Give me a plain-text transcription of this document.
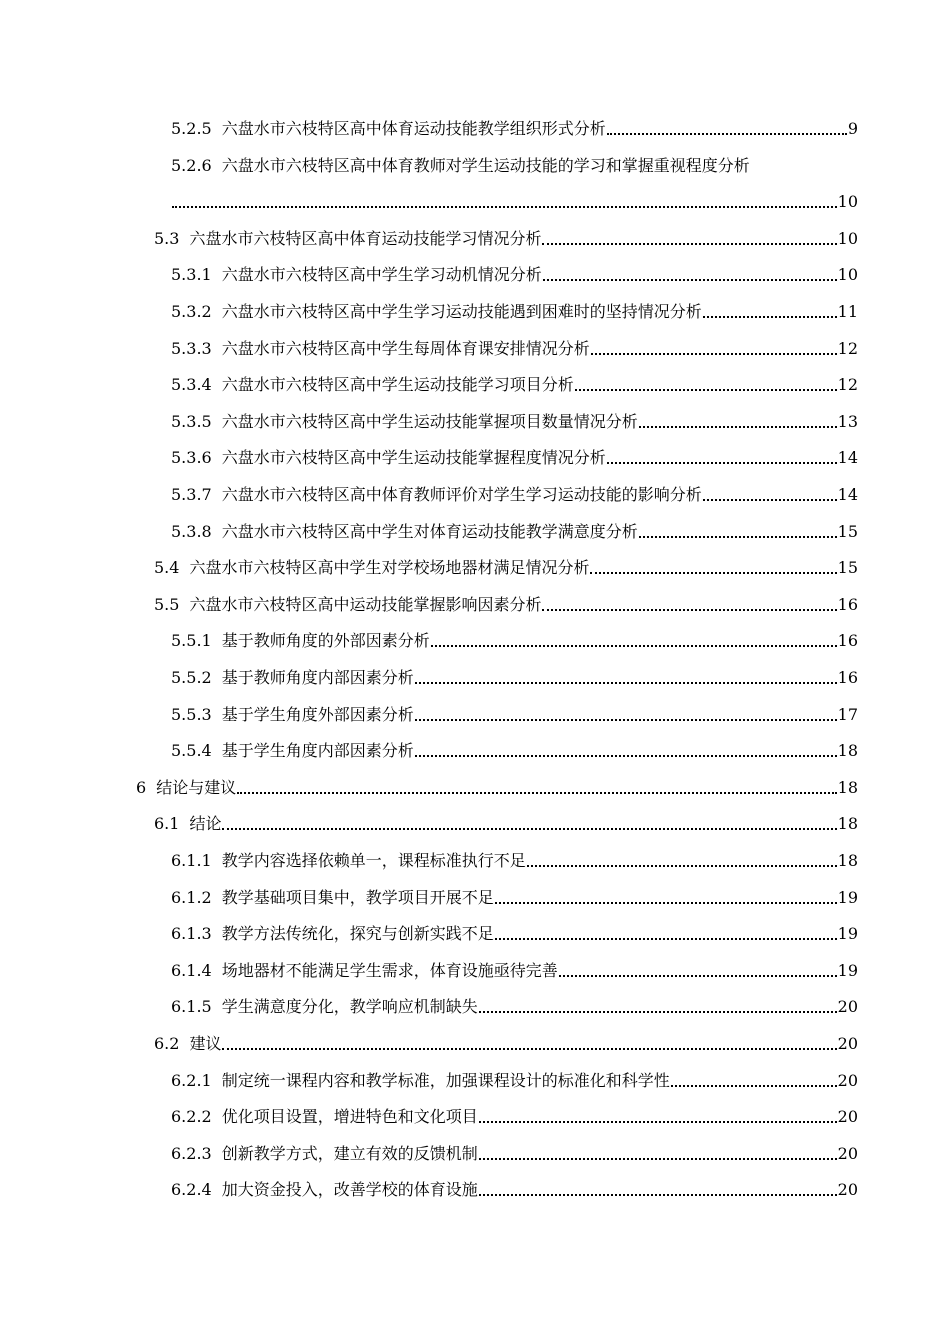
5.2.5 六盘水市六枝特区高中体育运动技能教学组织形式分析	9
5.2.6 六盘水市六枝特区高中体育教师对学生运动技能的学习和掌握重视程度分析
10
5.3 六盘水市六枝特区高中体育运动技能学习情况分析	10
5.3.1 六盘水市六枝特区高中学生学习动机情况分析	10
5.3.2 六盘水市六枝特区高中学生学习运动技能遇到困难时的坚持情况分析	11
5.3.3 六盘水市六枝特区高中学生每周体育课安排情况分析	12
5.3.4 六盘水市六枝特区高中学生运动技能学习项目分析	12
5.3.5 六盘水市六枝特区高中学生运动技能掌握项目数量情况分析	13
5.3.6 六盘水市六枝特区高中学生运动技能掌握程度情况分析	14
5.3.7 六盘水市六枝特区高中体育教师评价对学生学习运动技能的影响分析	14
5.3.8 六盘水市六枝特区高中学生对体育运动技能教学满意度分析	15
5.4 六盘水市六枝特区高中学生对学校场地器材满足情况分析	15
5.5 六盘水市六枝特区高中运动技能掌握影响因素分析	16
5.5.1 基于教师角度的外部因素分析	16
5.5.2 基于教师角度内部因素分析	16
5.5.3 基于学生角度外部因素分析	17
5.5.4 基于学生角度内部因素分析	18
6 结论与建议	18
6.1 结论	18
6.1.1 教学内容选择依赖单一，课程标准执行不足	18
6.1.2 教学基础项目集中，教学项目开展不足	19
6.1.3 教学方法传统化，探究与创新实践不足	19
6.1.4 场地器材不能满足学生需求，体育设施亟待完善	19
6.1.5 学生满意度分化，教学响应机制缺失	20
6.2 建议	20
6.2.1 制定统一课程内容和教学标准，加强课程设计的标准化和科学性	20
6.2.2 优化项目设置，增进特色和文化项目	20
6.2.3 创新教学方式，建立有效的反馈机制	20
6.2.4 加大资金投入，改善学校的体育设施	20
